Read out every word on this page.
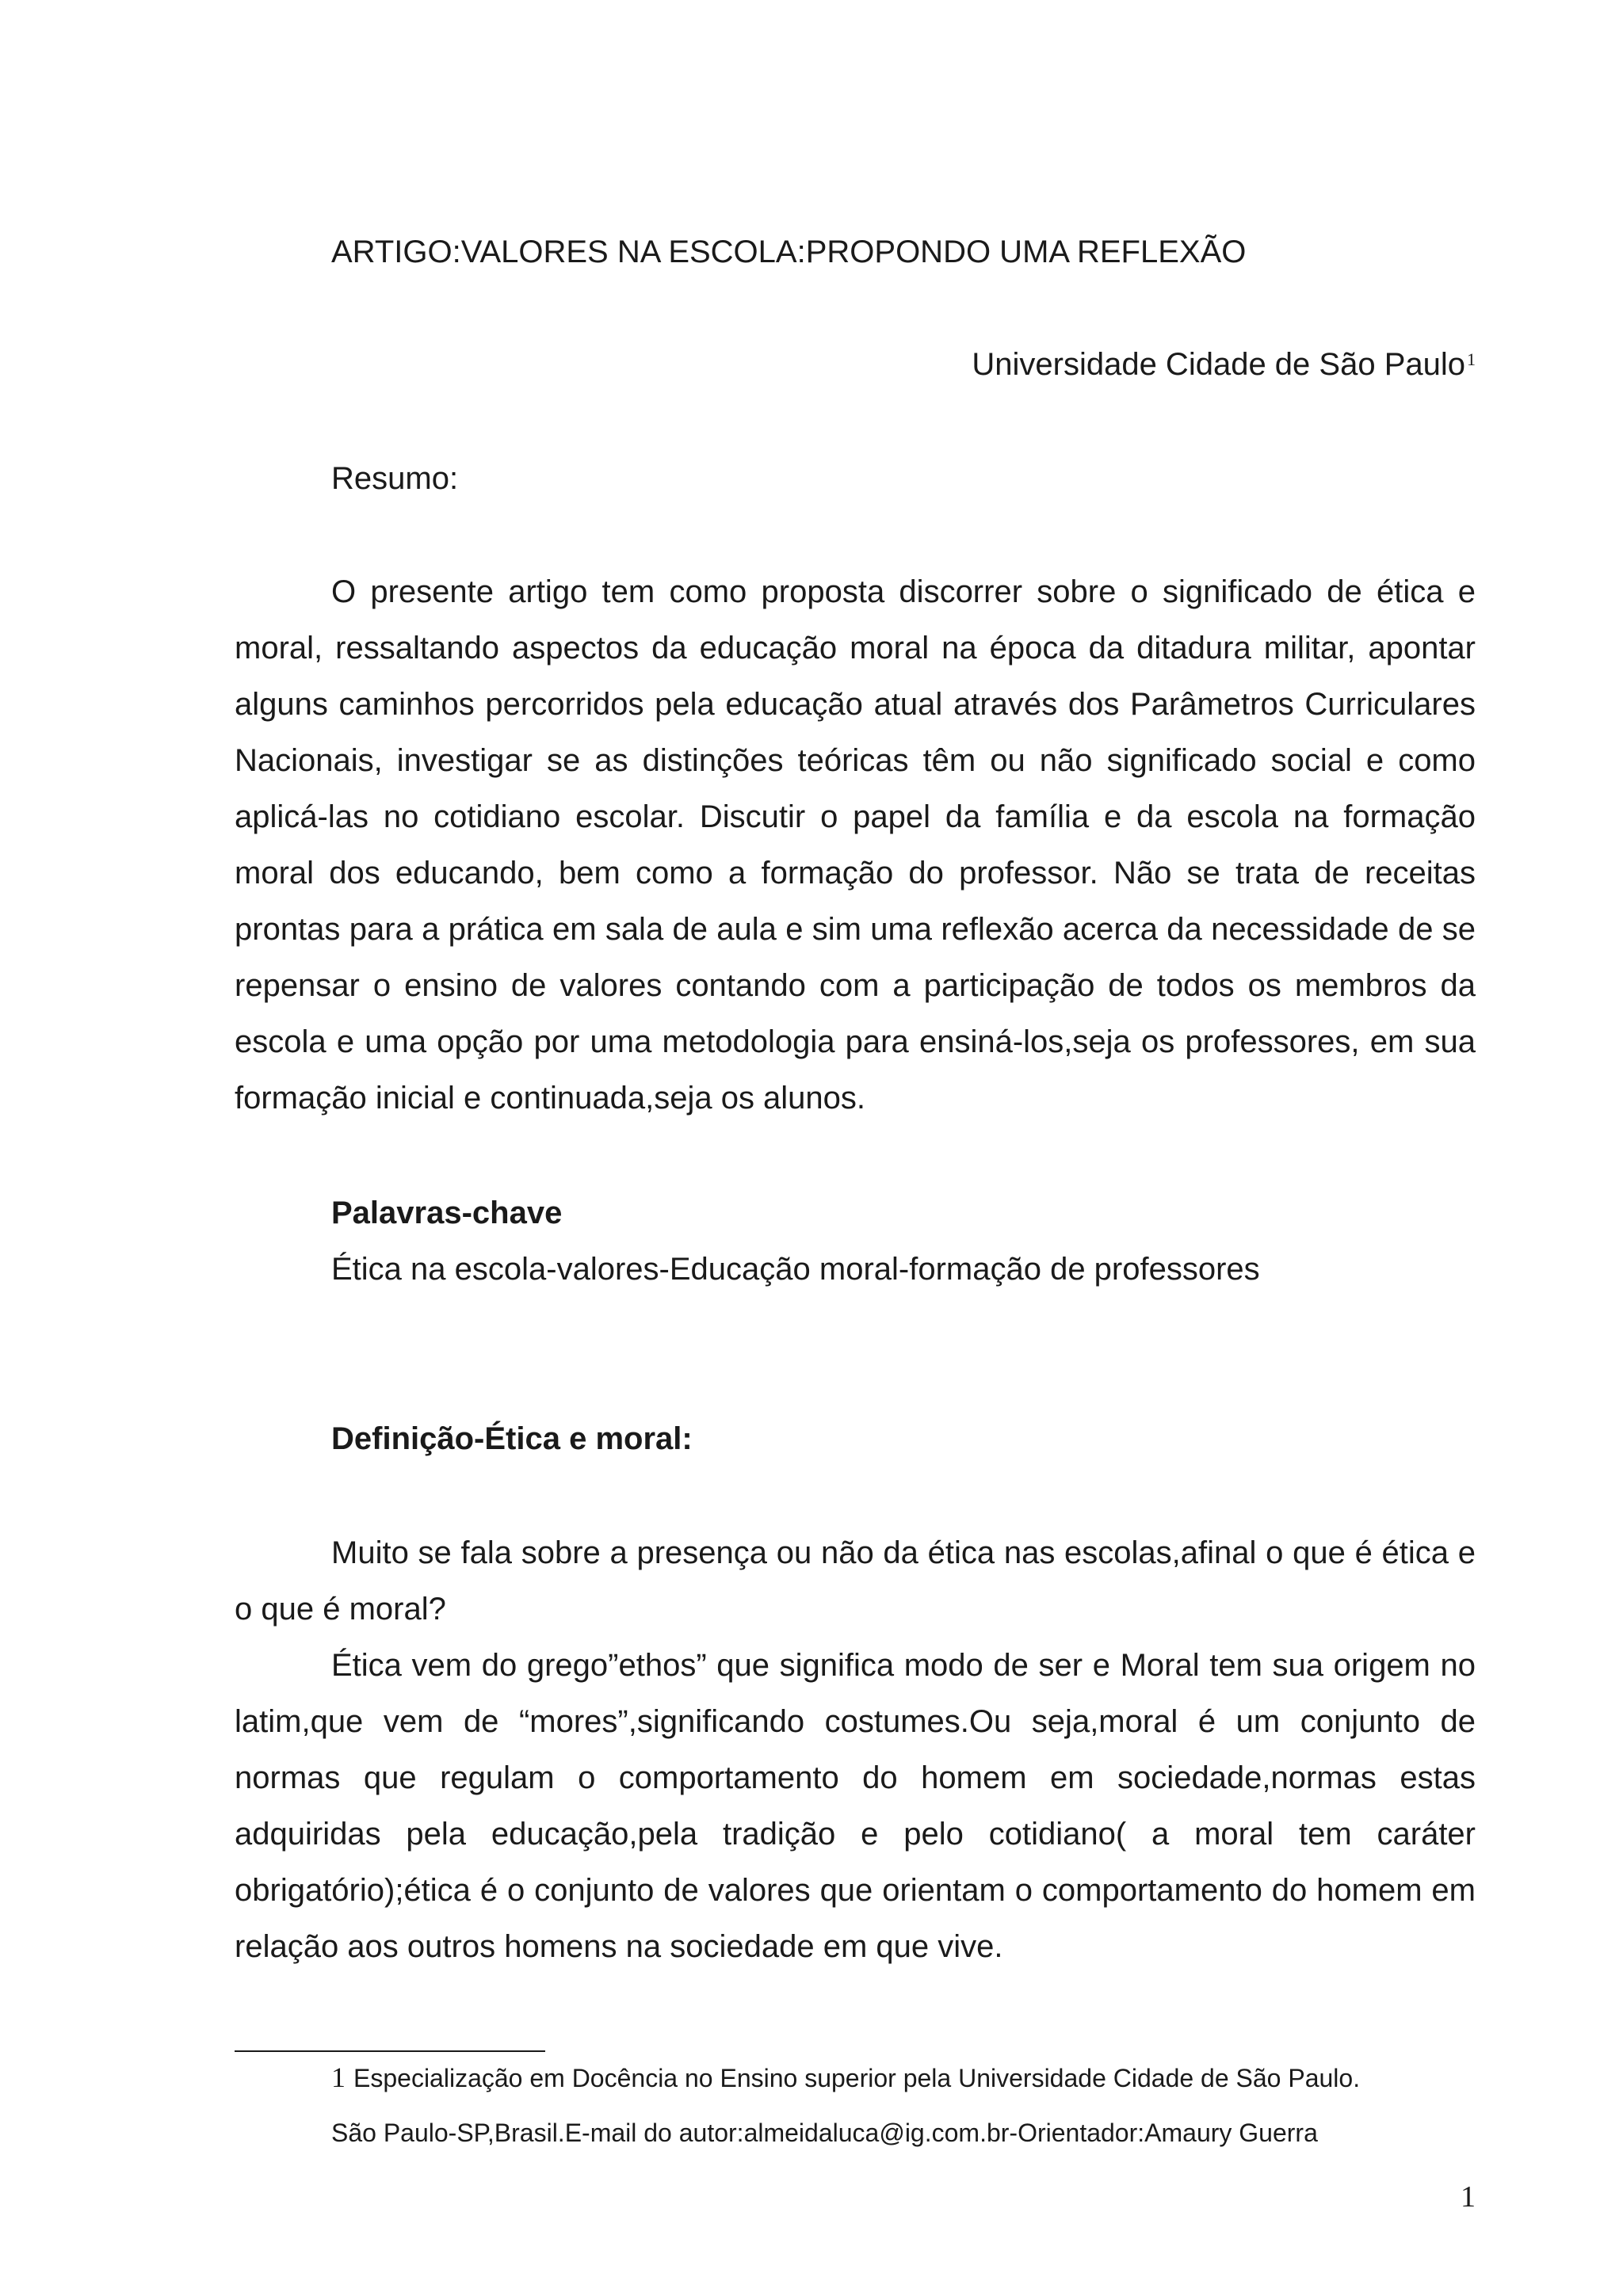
ARTIGO:VALORES NA ESCOLA:PROPONDO UMA REFLEXÃO
Universidade Cidade de São Paulo$^1$
Resumo:

O presente artigo tem como proposta discorrer sobre o significado de ética e moral, ressaltando aspectos da educação moral na época da ditadura militar, apontar alguns caminhos percorridos pela educação atual através dos Parâmetros Curriculares Nacionais, investigar se as distinções teóricas têm ou não significado social e como aplicá-las no cotidiano escolar. Discutir o papel da família e da escola na formação moral dos educando, bem como a formação do professor. Não se trata de receitas prontas para a prática em sala de aula e sim uma reflexão acerca da necessidade de se repensar o ensino de valores contando com a participação de todos os membros da escola e uma opção por uma metodologia para ensiná-los,seja os professores, em sua formação inicial e continuada,seja os alunos.

Palavras-chave
Ética na escola-valores-Educação moral-formação de professores
Definição-Ética e moral:

Muito se fala sobre a presença ou não da ética nas escolas,afinal o que é ética e o que é moral?

Ética vem do grego”ethos” que significa modo de ser e Moral tem sua origem no latim,que vem de “mores”,significando costumes.Ou seja,moral é um conjunto de normas que regulam o comportamento do homem em sociedade,normas estas adquiridas pela educação,pela tradição e pelo cotidiano( a moral tem caráter obrigatório);ética é o conjunto de valores que orientam o comportamento do homem em relação aos outros homens na sociedade em que vive.

1 Especialização em Docência no Ensino superior pela Universidade Cidade de São Paulo.
São Paulo-SP,Brasil.E-mail do autor:almeidaluca@ig.com.br-Orientador:Amaury Guerra
1
